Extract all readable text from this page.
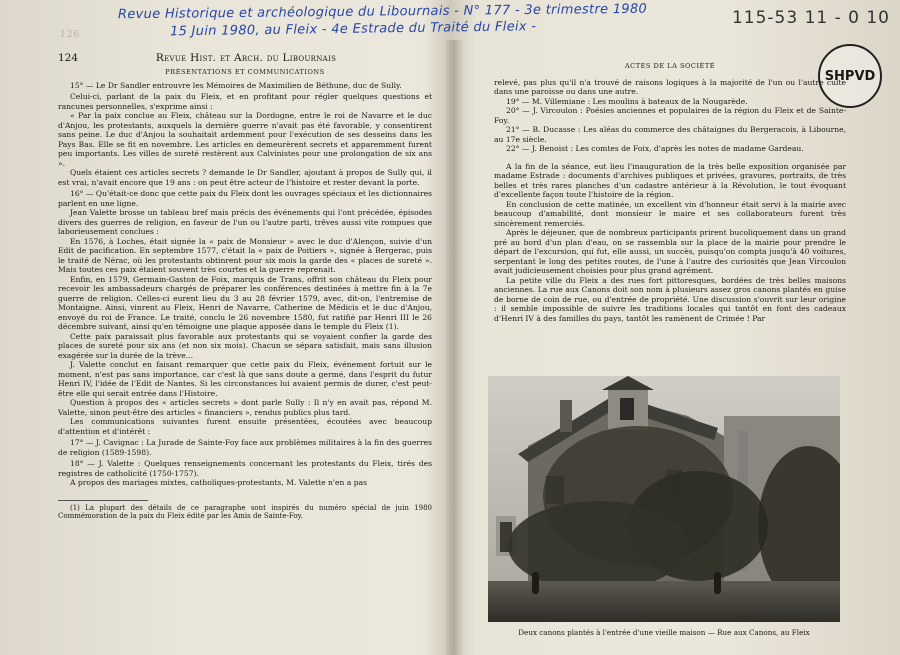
Revue Historique et archéologique du Libournais - N° 177 - 3e trimestre 1980
15 Juin 1980, au Fleix - 4e Estrade du Traité du Fleix -
115-53 11 - 0 10
SHPVD
126
124	Revue Hist. et Arch. du Libournais
PRÉSENTATIONS ET COMMUNICATIONS

15° — Le Dr Sandler entrouvre les Mémoires de Maximilien de Béthune, duc de Sully.

Celui-ci, parlant de la paix du Fleix, et en profitant pour régler quelques questions et rancunes personnelles, s'exprime ainsi :

« Par la paix conclue au Fleix, château sur la Dordogne, entre le roi de Navarre et le duc d'Anjou, les protestants, auxquels la dernière guerre n'avait pas été favorable, y consentirent sans peine. Le duc d'Anjou la souhaitait ardemment pour l'exécution de ses desseins dans les Pays Bas. Elle se fit en novembre. Les articles en demeurèrent secrets et apparemment furent peu importants. Les villes de sureté restèrent aux Calvinistes pour une prolongation de six ans ».

Quels étaient ces articles secrets ? demande le Dr Sandler, ajoutant à propos de Sully qui, il est vrai, n'avait encore que 19 ans : on peut être acteur de l'histoire et rester devant la porte.

16° — Qu'était-ce donc que cette paix du Fleix dont les ouvrages spéciaux et les dictionnaires parlent en une ligne.

Jean Valette brosse un tableau bref mais précis des événements qui l'ont précédée, épisodes divers des guerres de religion, en faveur de l'un ou l'autre parti, trêves aussi vite rompues que laborieusement conclues :

En 1576, à Loches, était signée la « paix de Monsieur » avec le duc d'Alençon, suivie d'un Edit de pacification. En septembre 1577, c'était la « paix de Poitiers », signée à Bergerac, puis le traité de Nérac, où les protestants obtinrent pour six mois la garde des « places de sureté ». Mais toutes ces paix étaient souvent très courtes et la guerre reprenait.

Enfin, en 1579, Germain-Gaston de Foix, marquis de Trans, offrit son château du Fleix pour recevoir les ambassadeurs chargés de préparer les conférences destinées à mettre fin à la 7e guerre de religion. Celles-ci eurent lieu du 3 au 28 février 1579, avec, dit-on, l'entremise de Montaigne. Ainsi, vinrent au Fleix, Henri de Navarre, Catherine de Médicis et le duc d'Anjou, envoyé du roi de France. Le traité, conclu le 26 novembre 1580, fut ratifié par Henri III le 26 décembre suivant, ainsi qu'en témoigne une plaque apposée dans le temple du Fleix (1).

Cette paix paraissait plus favorable aux protestants qui se voyaient confier la garde des places de sureté pour six ans (et non six mois). Chacun se sépara satisfait, mais sans illusion exagérée sur la durée de la trève...

J. Valette conclut en faisant remarquer que cette paix du Fleix, événement fortuit sur le moment, n'est pas sans importance, car c'est là que sans doute a germé, dans l'esprit du futur Henri IV, l'idée de l'Edit de Nantes. Si les circonstances lui avaient permis de durer, c'est peut-être elle qui serait entrée dans l'Histoire.

Question à propos des « articles secrets » dont parle Sully : Il n'y en avait pas, répond M. Valette, sinon peut-être des articles « financiers », rendus publics plus tard.

Les communications suivantes furent ensuite présentées, écoutées avec beaucoup d'attention et d'intérêt :

17° — J. Cavignac : La Jurade de Sainte-Foy face aux problèmes militaires à la fin des guerres de religion (1589-1598).

18° — J. Valette : Quelques renseignements concernant les protestants du Fleix, tirés des registres de catholicité (1750-1757).

A propos des mariages mixtes, catholiques-protestants, M. Valette n'en a pas

(1) La plupart des détails de ce paragraphe sont inspirés du numéro spécial de juin 1980 Commémoration de la paix du Fleix édité par les Amis de Sainte-Foy.

ACTES DE LA SOCIÉTÉ

relevé, pas plus qu'il n'a trouvé de raisons logiques à la majorité de l'un ou l'autre culte dans une paroisse ou dans une autre.

19° — M. Villemiane : Les moulins à bateaux de la Nougarède.

20° — J. Vircoulon : Poésies anciennes et populaires de la région du Fleix et de Sainte-Foy.

21° — B. Ducasse : Les aléas du commerce des châtaignes du Bergeracois, à Libourne, au 17e siècle.

22° — J. Benoist : Les comtes de Foix, d'après les notes de madame Gardeau.

A la fin de la séance, eut lieu l'inauguration de la très belle exposition organisée par madame Estrade : documents d'archives publiques et privées, gravures, portraits, de très belles et très rares planches d'un cadastre antérieur à la Révolution, le tout évoquant d'excellente façon toute l'histoire de la région.

En conclusion de cette matinée, un excellent vin d'honneur était servi à la mairie avec beaucoup d'amabilité, dont monsieur le maire et ses collaborateurs furent très sincèrement remerciés.

Après le déjeuner, que de nombreux participants prirent bucoliquement dans un grand pré au bord d'un plan d'eau, on se rassembla sur la place de la mairie pour prendre le départ de l'excursion, qui fut, elle aussi, un succès, puisqu'on compta jusqu'à 40 voitures, serpentant le long des petites routes, de l'une à l'autre des curiosités que Jean Vircoulon avait judicieusement choisies pour plus grand agrément.

La petite ville du Fleix a des rues fort pittoresques, bordées de très belles maisons anciennes. La rue aux Canons doit son nom à plusieurs assez gros canons plantés en guise de borne de coin de rue, ou d'entrée de propriété. Une discussion s'ouvrit sur leur origine : il semble impossible de suivre les traditions locales qui tantôt en font des cadeaux d'Henri IV à des familles du pays, tantôt les ramènent de Crimée ! Par

Deux canons plantés à l'entrée d'une vieille maison — Rue aux Canons, au Fleix
